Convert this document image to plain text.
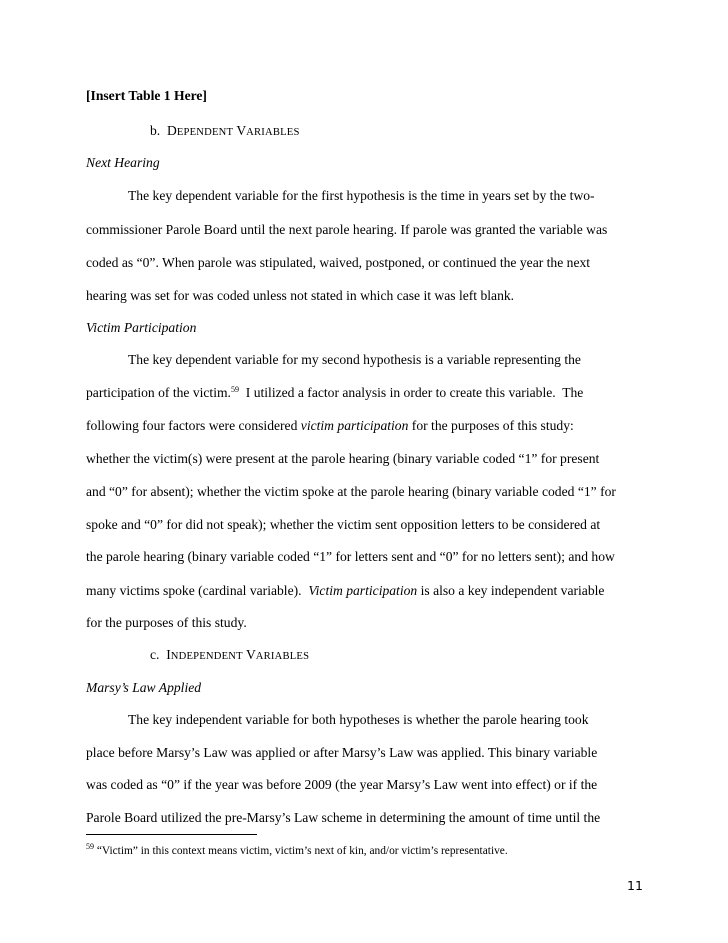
[Insert Table 1 Here]
b. DEPENDENT VARIABLES
Next Hearing
The key dependent variable for the first hypothesis is the time in years set by the two-
commissioner Parole Board until the next parole hearing. If parole was granted the variable was
coded as “0”. When parole was stipulated, waived, postponed, or continued the year the next
hearing was set for was coded unless not stated in which case it was left blank.
Victim Participation
The key dependent variable for my second hypothesis is a variable representing the
participation of the victim.$^{59}$  I utilized a factor analysis in order to create this variable.  The
following four factors were considered victim participation for the purposes of this study:
whether the victim(s) were present at the parole hearing (binary variable coded “1” for present
and “0” for absent); whether the victim spoke at the parole hearing (binary variable coded “1” for
spoke and “0” for did not speak); whether the victim sent opposition letters to be considered at
the parole hearing (binary variable coded “1” for letters sent and “0” for no letters sent); and how
many victims spoke (cardinal variable).  Victim participation is also a key independent variable
for the purposes of this study.
c. INDEPENDENT VARIABLES
Marsy’s Law Applied
The key independent variable for both hypotheses is whether the parole hearing took
place before Marsy’s Law was applied or after Marsy’s Law was applied. This binary variable
was coded as “0” if the year was before 2009 (the year Marsy’s Law went into effect) or if the
Parole Board utilized the pre-Marsy’s Law scheme in determining the amount of time until the
$^{59}$ “Victim” in this context means victim, victim’s next of kin, and/or victim’s representative.
11
